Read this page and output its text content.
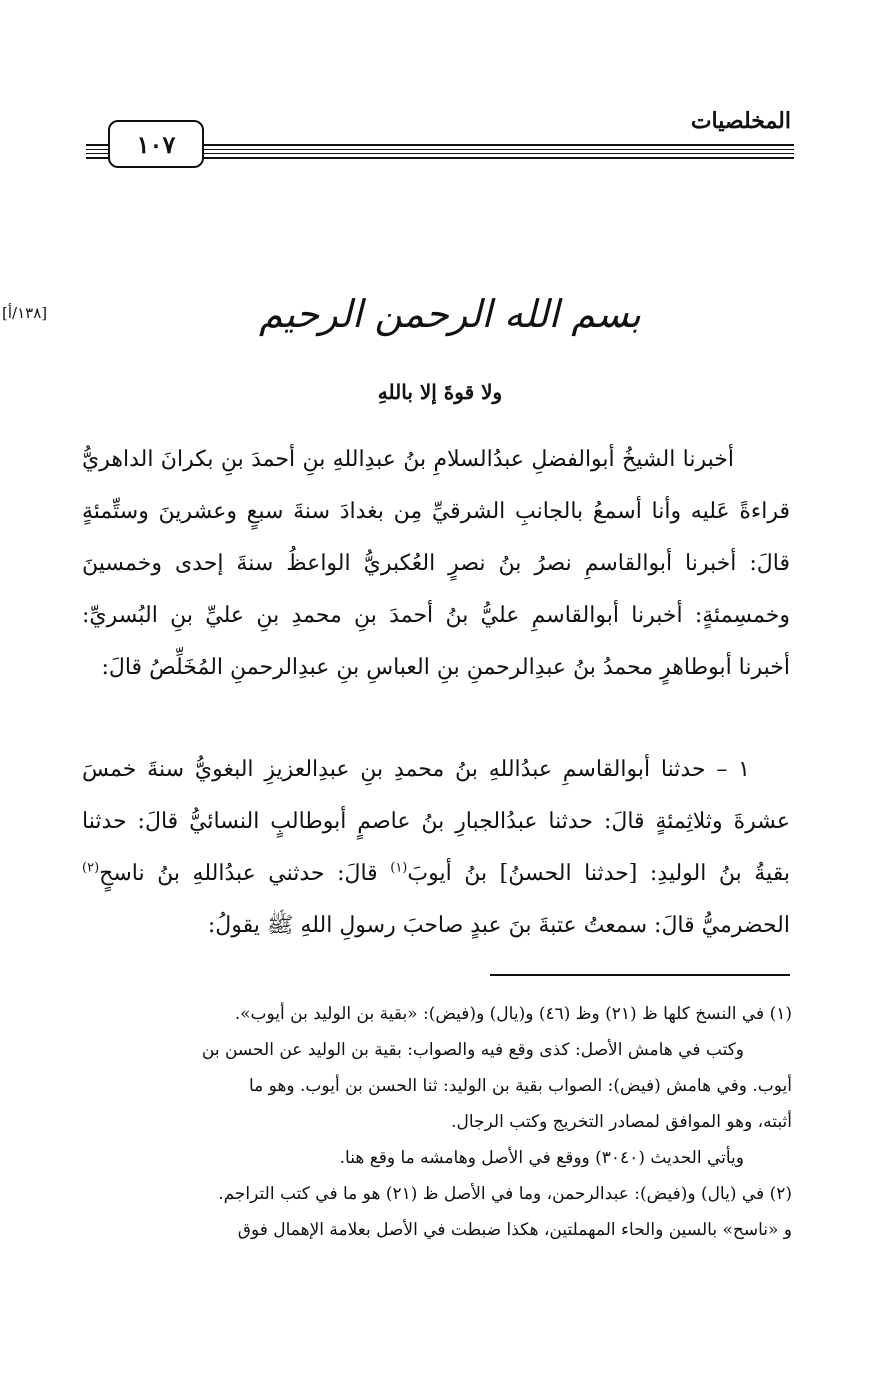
المخلصيات
١٠٧
[١٣٨/أ]	بسم الله الرحمن الرحيم
ولا قوةَ إلا باللهِ

أخبرنا الشيخُ أبوالفضلِ عبدُالسلامِ بنُ عبدِاللهِ بنِ أحمدَ بنِ بكرانَ الداهريُّ قراءةً عَليه وأنا أسمعُ بالجانبِ الشرقيِّ مِن بغدادَ سنةَ سبعٍ وعشرينَ وستِّمئةٍ قالَ: أخبرنا أبوالقاسمِ نصرُ بنُ نصرٍ العُكبريُّ الواعظُ سنةَ إحدى وخمسينَ وخمسِمئةٍ: أخبرنا أبوالقاسمِ عليُّ بنُ أحمدَ بنِ محمدِ بنِ عليِّ بنِ البُسريِّ: أخبرنا أبوطاهرٍ محمدُ بنُ عبدِالرحمنِ بنِ العباسِ بنِ عبدِالرحمنِ المُخَلِّصُ قالَ:

١ – حدثنا أبوالقاسمِ عبدُاللهِ بنُ محمدِ بنِ عبدِالعزيزِ البغويُّ سنةَ خمسَ عشرةَ وثلاثِمئةٍ قالَ: حدثنا عبدُالجبارِ بنُ عاصمٍ أبوطالبٍ النسائيُّ قالَ: حدثنا بقيةُ بنُ الوليدِ: [حدثنا الحسنُ] بنُ أيوبَ$^{(١)}$ قالَ: حدثني عبدُاللهِ بنُ ناسحٍ$^{(٢)}$ الحضرميُّ قالَ: سمعتُ عتبةَ بنَ عبدٍ صاحبَ رسولِ اللهِ ﷺ يقولُ:

(١) في النسخ كلها ظ (٢١) وظ (٤٦) و(يال) و(فيض): «بقية بن الوليد بن أيوب».
وكتب في هامش الأصل: كذى وقع فيه والصواب: بقية بن الوليد عن الحسن بن
أيوب. وفي هامش (فيض): الصواب بقية بن الوليد: ثنا الحسن بن أيوب. وهو ما
أثبته، وهو الموافق لمصادر التخريج وكتب الرجال.
ويأتي الحديث (٣٠٤٠) ووقع في الأصل وهامشه ما وقع هنا.
(٢) في (يال) و(فيض): عبدالرحمن، وما في الأصل ظ (٢١) هو ما في كتب التراجم.
و «ناسح» بالسين والحاء المهملتين، هكذا ضبطت في الأصل بعلامة الإهمال فوق
